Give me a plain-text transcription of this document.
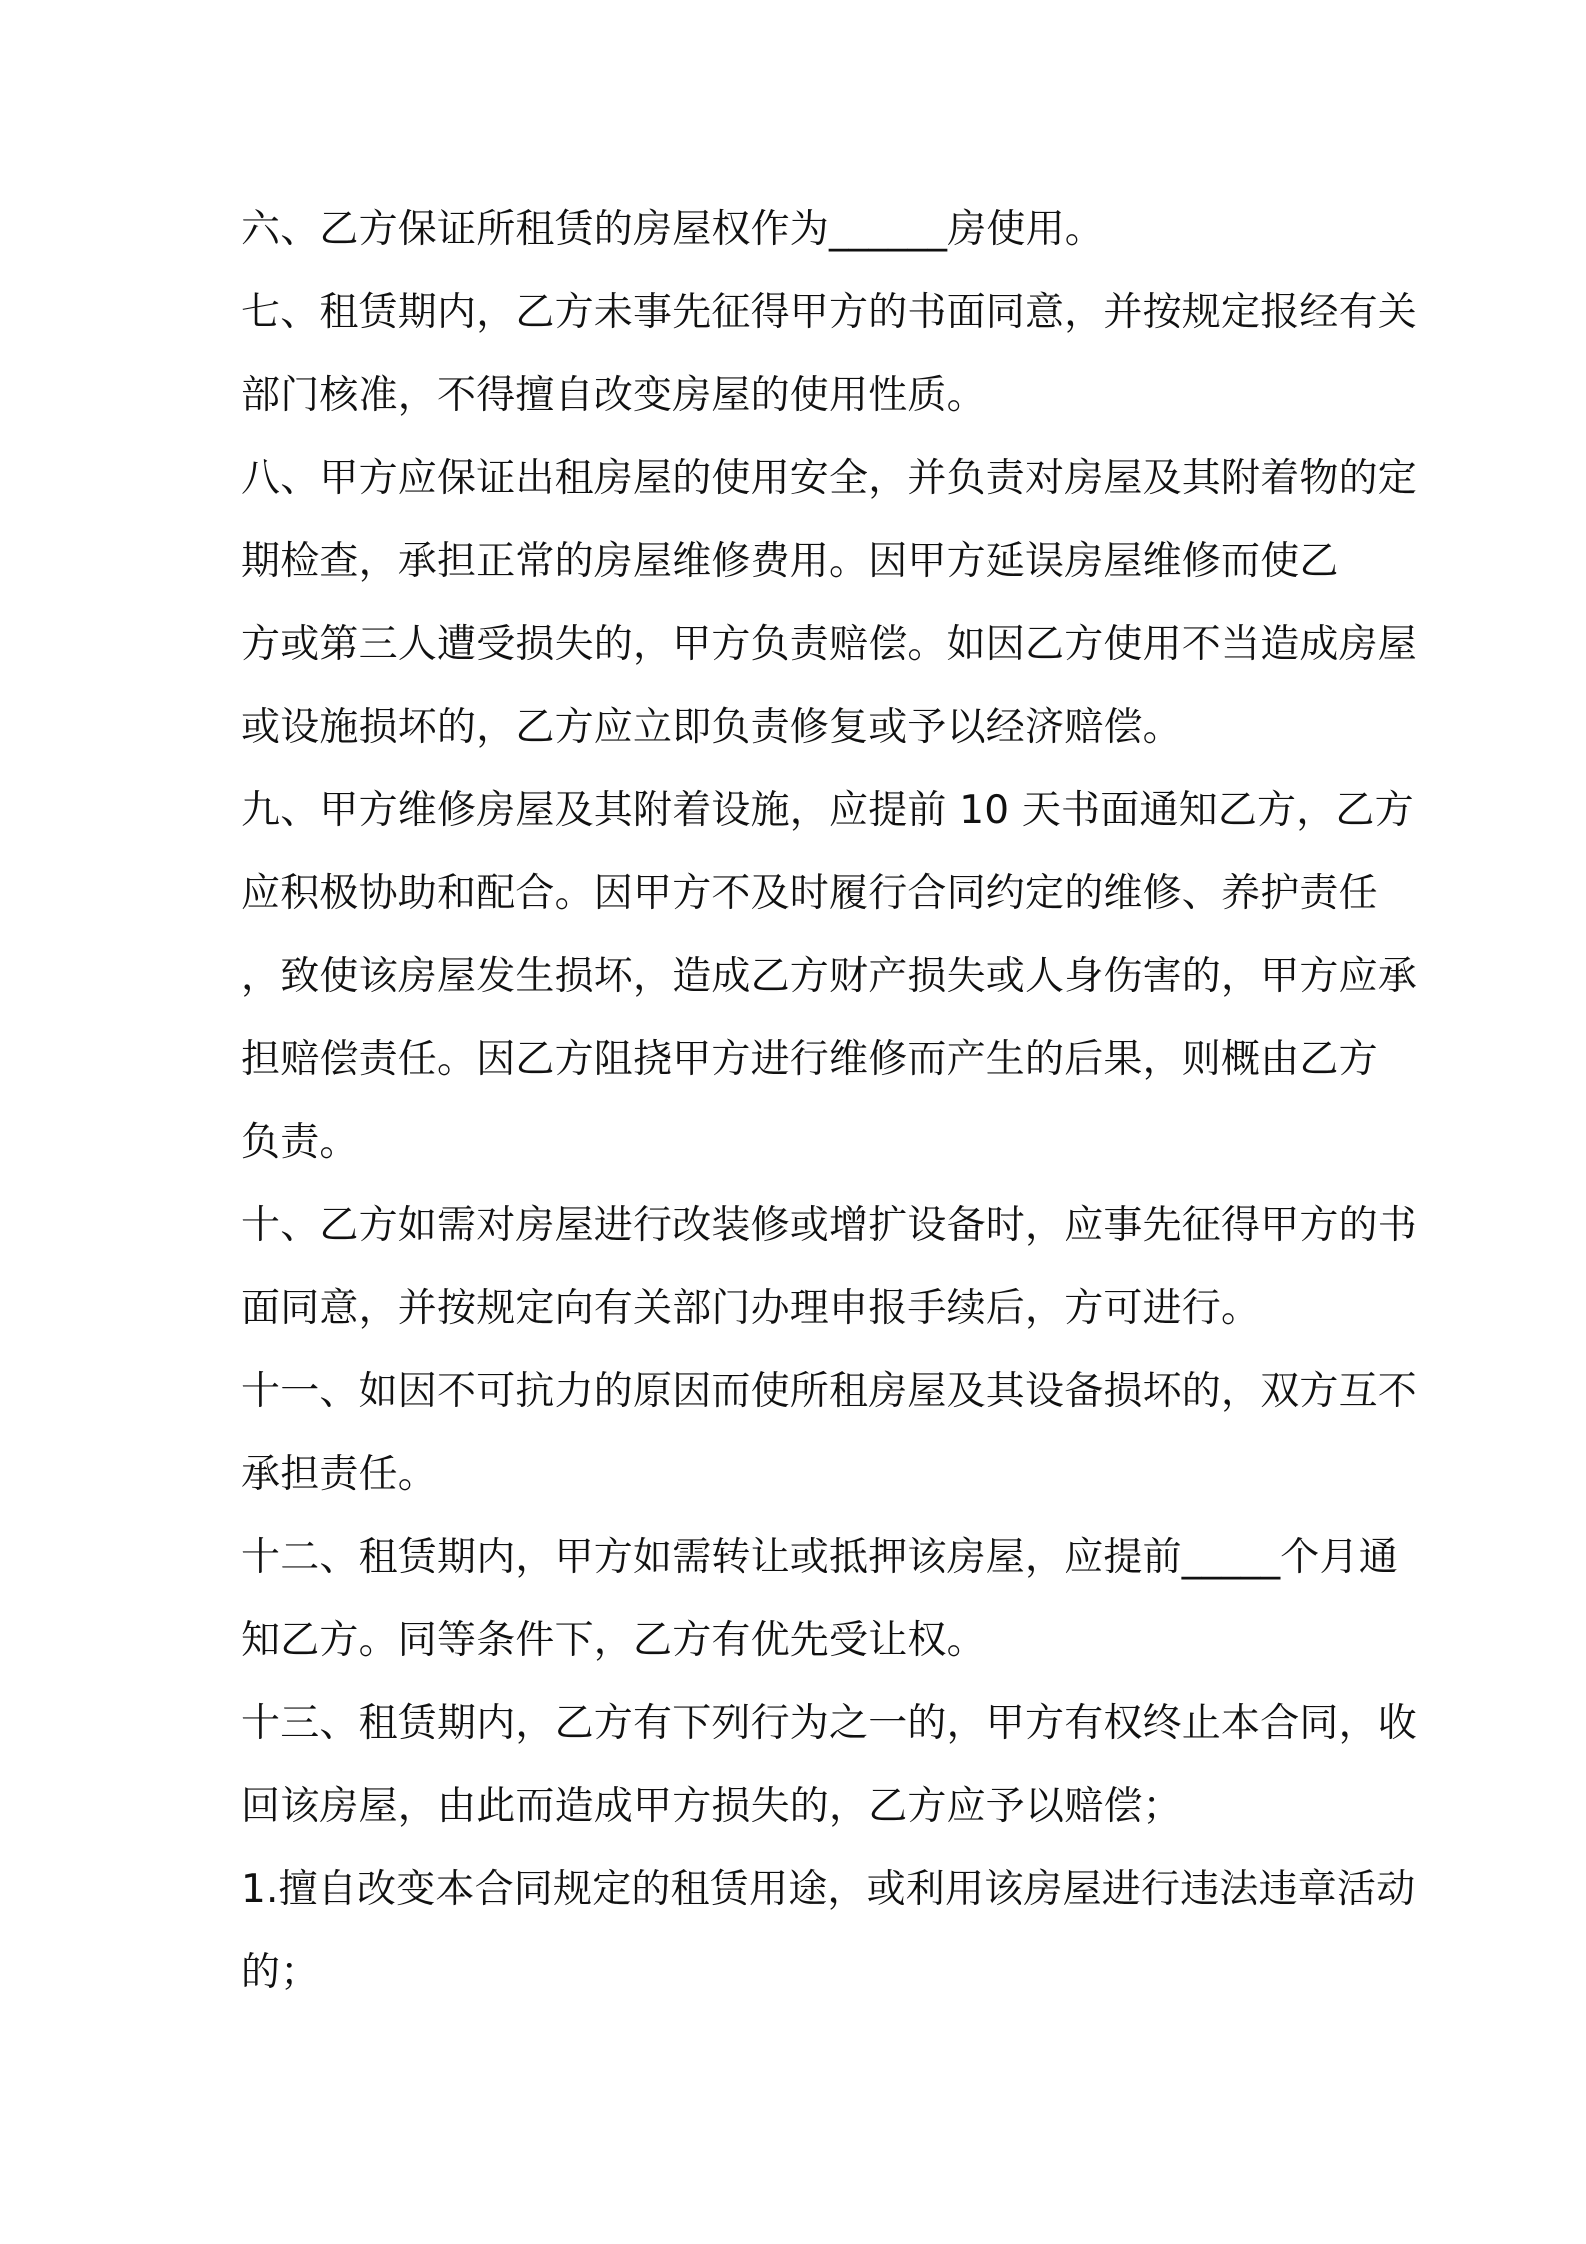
六、乙方保证所租赁的房屋权作为______房使用。
七、租赁期内，乙方未事先征得甲方的书面同意，并按规定报经有关
部门核准，不得擅自改变房屋的使用性质。
八、甲方应保证出租房屋的使用安全，并负责对房屋及其附着物的定
期检查，承担正常的房屋维修费用。因甲方延误房屋维修而使乙
方或第三人遭受损失的，甲方负责赔偿。如因乙方使用不当造成房屋
或设施损坏的，乙方应立即负责修复或予以经济赔偿。
九、甲方维修房屋及其附着设施，应提前 10 天书面通知乙方，乙方
应积极协助和配合。因甲方不及时履行合同约定的维修、养护责任
，致使该房屋发生损坏，造成乙方财产损失或人身伤害的，甲方应承
担赔偿责任。因乙方阻挠甲方进行维修而产生的后果，则概由乙方
负责。
十、乙方如需对房屋进行改装修或增扩设备时，应事先征得甲方的书
面同意，并按规定向有关部门办理申报手续后，方可进行。
十一、如因不可抗力的原因而使所租房屋及其设备损坏的，双方互不
承担责任。
十二、租赁期内，甲方如需转让或抵押该房屋，应提前_____个月通
知乙方。同等条件下，乙方有优先受让权。
十三、租赁期内，乙方有下列行为之一的，甲方有权终止本合同，收
回该房屋，由此而造成甲方损失的，乙方应予以赔偿；
1.擅自改变本合同规定的租赁用途，或利用该房屋进行违法违章活动
的；
